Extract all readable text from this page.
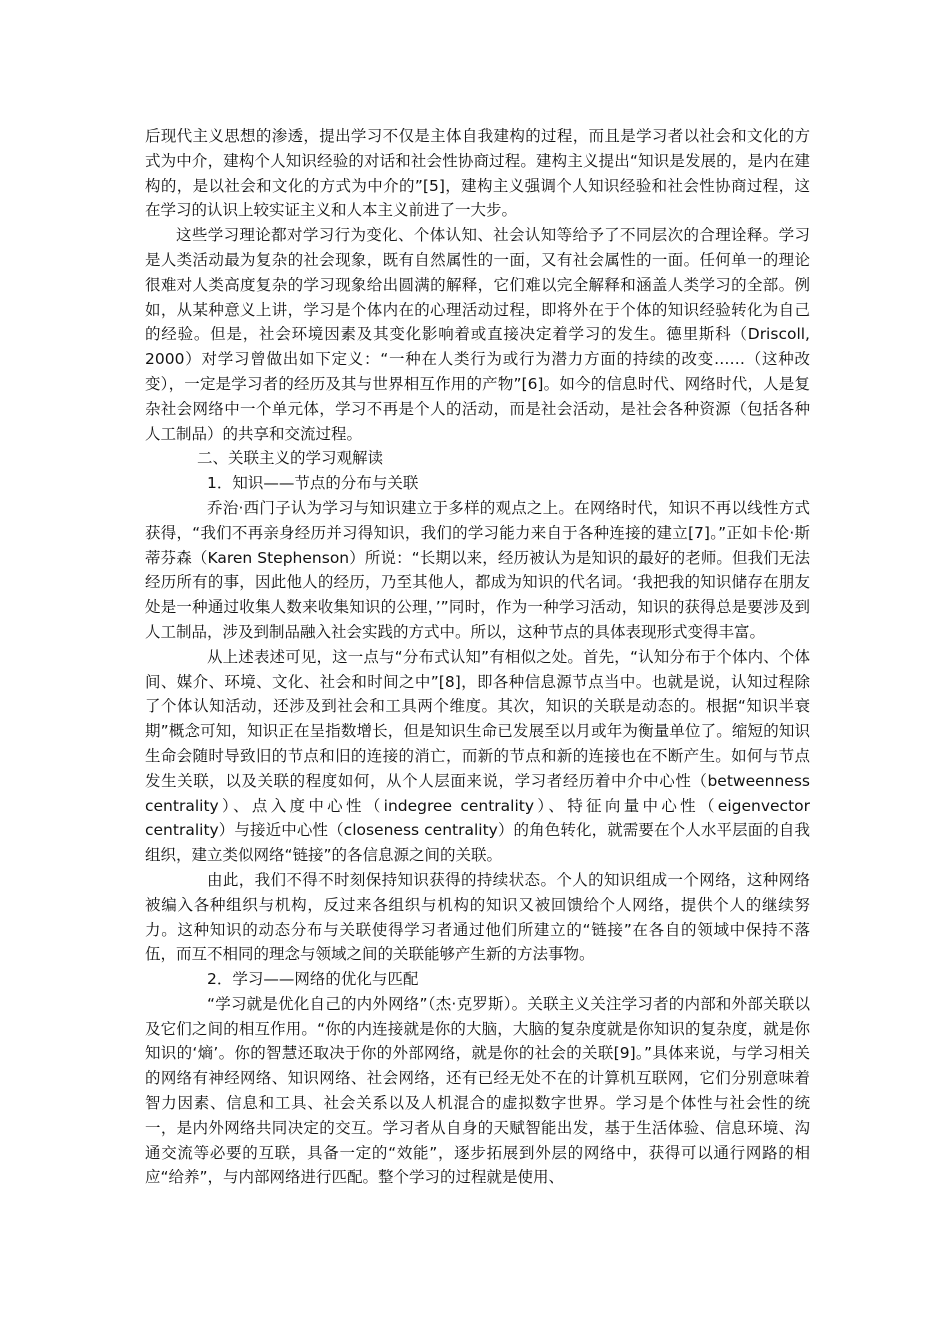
后现代主义思想的渗透，提出学习不仅是主体自我建构的过程，而且是学习者以社会和文化的方式为中介，建构个人知识经验的对话和社会性协商过程。建构主义提出“知识是发展的，是内在建构的，是以社会和文化的方式为中介的”[5]，建构主义强调个人知识经验和社会性协商过程，这在学习的认识上较实证主义和人本主义前进了一大步。

这些学习理论都对学习行为变化、个体认知、社会认知等给予了不同层次的合理诠释。学习是人类活动最为复杂的社会现象，既有自然属性的一面，又有社会属性的一面。任何单一的理论很难对人类高度复杂的学习现象给出圆满的解释，它们难以完全解释和涵盖人类学习的全部。例如，从某种意义上讲，学习是个体内在的心理活动过程，即将外在于个体的知识经验转化为自己的经验。但是，社会环境因素及其变化影响着或直接决定着学习的发生。德里斯科（Driscoll, 2000）对学习曾做出如下定义：“一种在人类行为或行为潜力方面的持续的改变……（这种改变），一定是学习者的经历及其与世界相互作用的产物”[6]。如今的信息时代、网络时代，人是复杂社会网络中一个单元体，学习不再是个人的活动，而是社会活动，是社会各种资源（包括各种人工制品）的共享和交流过程。

二、关联主义的学习观解读

1．知识——节点的分布与关联

乔治·西门子认为学习与知识建立于多样的观点之上。在网络时代，知识不再以线性方式获得，“我们不再亲身经历并习得知识，我们的学习能力来自于各种连接的建立[7]。”正如卡伦·斯蒂芬森（Karen Stephenson）所说：“长期以来，经历被认为是知识的最好的老师。但我们无法经历所有的事，因此他人的经历，乃至其他人，都成为知识的代名词。‘我把我的知识储存在朋友处是一种通过收集人数来收集知识的公理，’”同时，作为一种学习活动，知识的获得总是要涉及到人工制品，涉及到制品融入社会实践的方式中。所以，这种节点的具体表现形式变得丰富。

从上述表述可见，这一点与“分布式认知”有相似之处。首先，“认知分布于个体内、个体间、媒介、环境、文化、社会和时间之中”[8]，即各种信息源节点当中。也就是说，认知过程除了个体认知活动，还涉及到社会和工具两个维度。其次，知识的关联是动态的。根据“知识半衰期”概念可知，知识正在呈指数增长，但是知识生命已发展至以月或年为衡量单位了。缩短的知识生命会随时导致旧的节点和旧的连接的消亡，而新的节点和新的连接也在不断产生。如何与节点发生关联，以及关联的程度如何，从个人层面来说，学习者经历着中介中心性（betweenness centrality）、点入度中心性（indegree centrality）、特征向量中心性（eigenvector centrality）与接近中心性（closeness centrality）的角色转化，就需要在个人水平层面的自我组织，建立类似网络“链接”的各信息源之间的关联。

由此，我们不得不时刻保持知识获得的持续状态。个人的知识组成一个网络，这种网络被编入各种组织与机构，反过来各组织与机构的知识又被回馈给个人网络，提供个人的继续努力。这种知识的动态分布与关联使得学习者通过他们所建立的“链接”在各自的领域中保持不落伍，而互不相同的理念与领域之间的关联能够产生新的方法事物。

2．学习——网络的优化与匹配

“学习就是优化自己的内外网络”（杰·克罗斯）。关联主义关注学习者的内部和外部关联以及它们之间的相互作用。“你的内连接就是你的大脑，大脑的复杂度就是你知识的复杂度，就是你知识的‘熵’。你的智慧还取决于你的外部网络，就是你的社会的关联[9]。”具体来说，与学习相关的网络有神经网络、知识网络、社会网络，还有已经无处不在的计算机互联网，它们分别意味着智力因素、信息和工具、社会关系以及人机混合的虚拟数字世界。学习是个体性与社会性的统一，是内外网络共同决定的交互。学习者从自身的天赋智能出发，基于生活体验、信息环境、沟通交流等必要的互联，具备一定的“效能”，逐步拓展到外层的网络中，获得可以通行网路的相应“给养”，与内部网络进行匹配。整个学习的过程就是使用、
